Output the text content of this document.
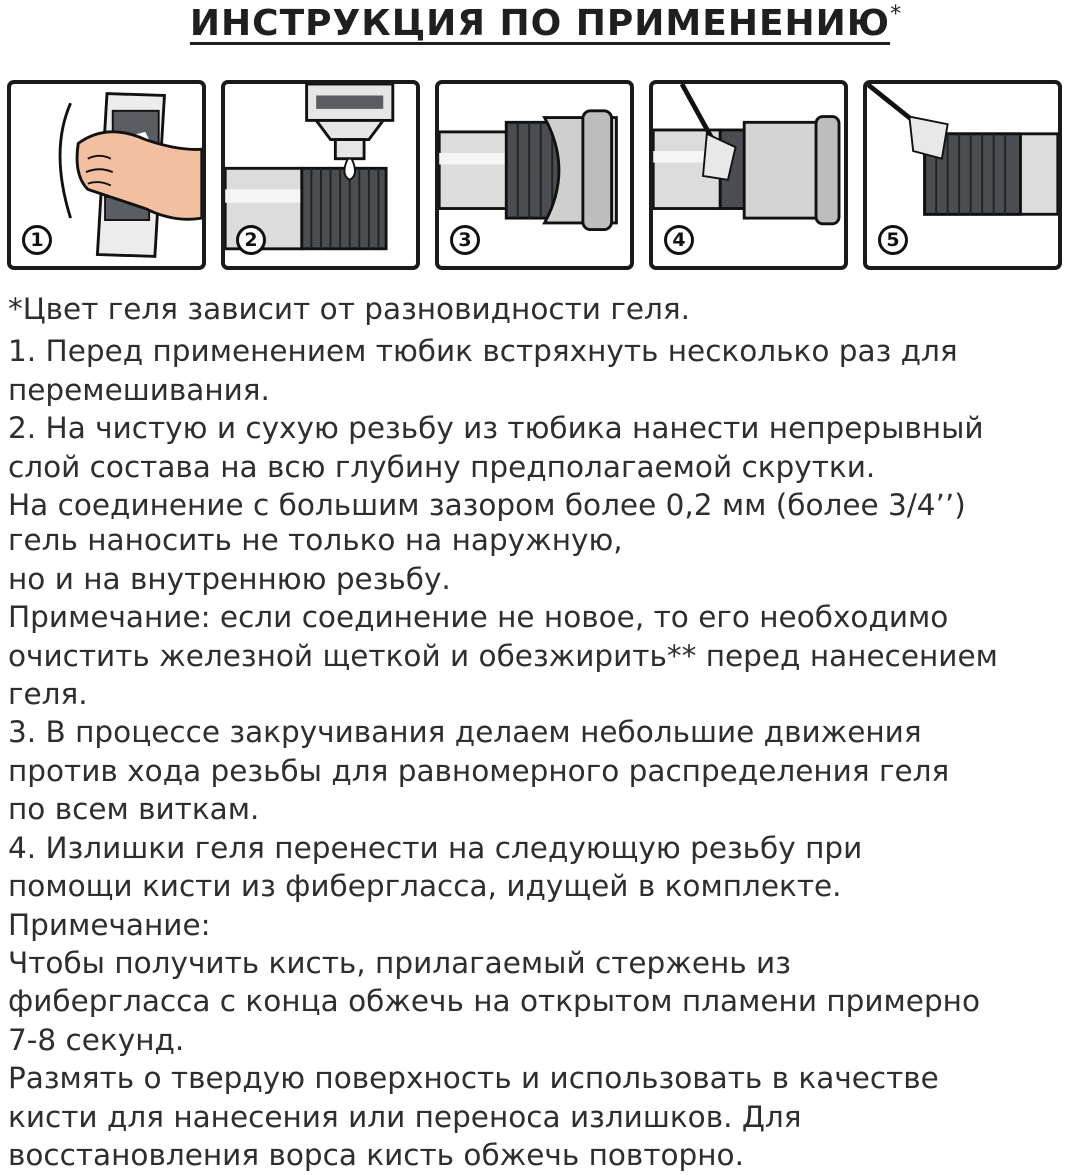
ИНСТРУКЦИЯ ПО ПРИМЕНЕНИЮ*
1	2	3	4	5

*Цвет геля зависит от разновидности геля.

1. Перед применением тюбик встряхнуть несколько раз для

перемешивания.

2. На чистую и сухую резьбу из тюбика нанести непрерывный

слой состава на всю глубину предполагаемой скрутки.

На соединение с большим зазором более 0,2 мм (более 3/4’’)

гель наносить не только на наружную,

но и на внутреннюю резьбу.

Примечание: если соединение не новое, то его необходимо

очистить железной щеткой и обезжирить** перед нанесением

геля.

3. В процессе закручивания делаем небольшие движения

против хода резьбы для равномерного распределения геля

по всем виткам.

4. Излишки геля перенести на следующую резьбу при

помощи кисти из фибергласса, идущей в комплекте.

Примечание:

Чтобы получить кисть, прилагаемый стержень из

фибергласса с конца обжечь на открытом пламени примерно

7-8 секунд.

Размять о твердую поверхность и использовать в качестве

кисти для нанесения или переноса излишков. Для

восстановления ворса кисть обжечь повторно.
